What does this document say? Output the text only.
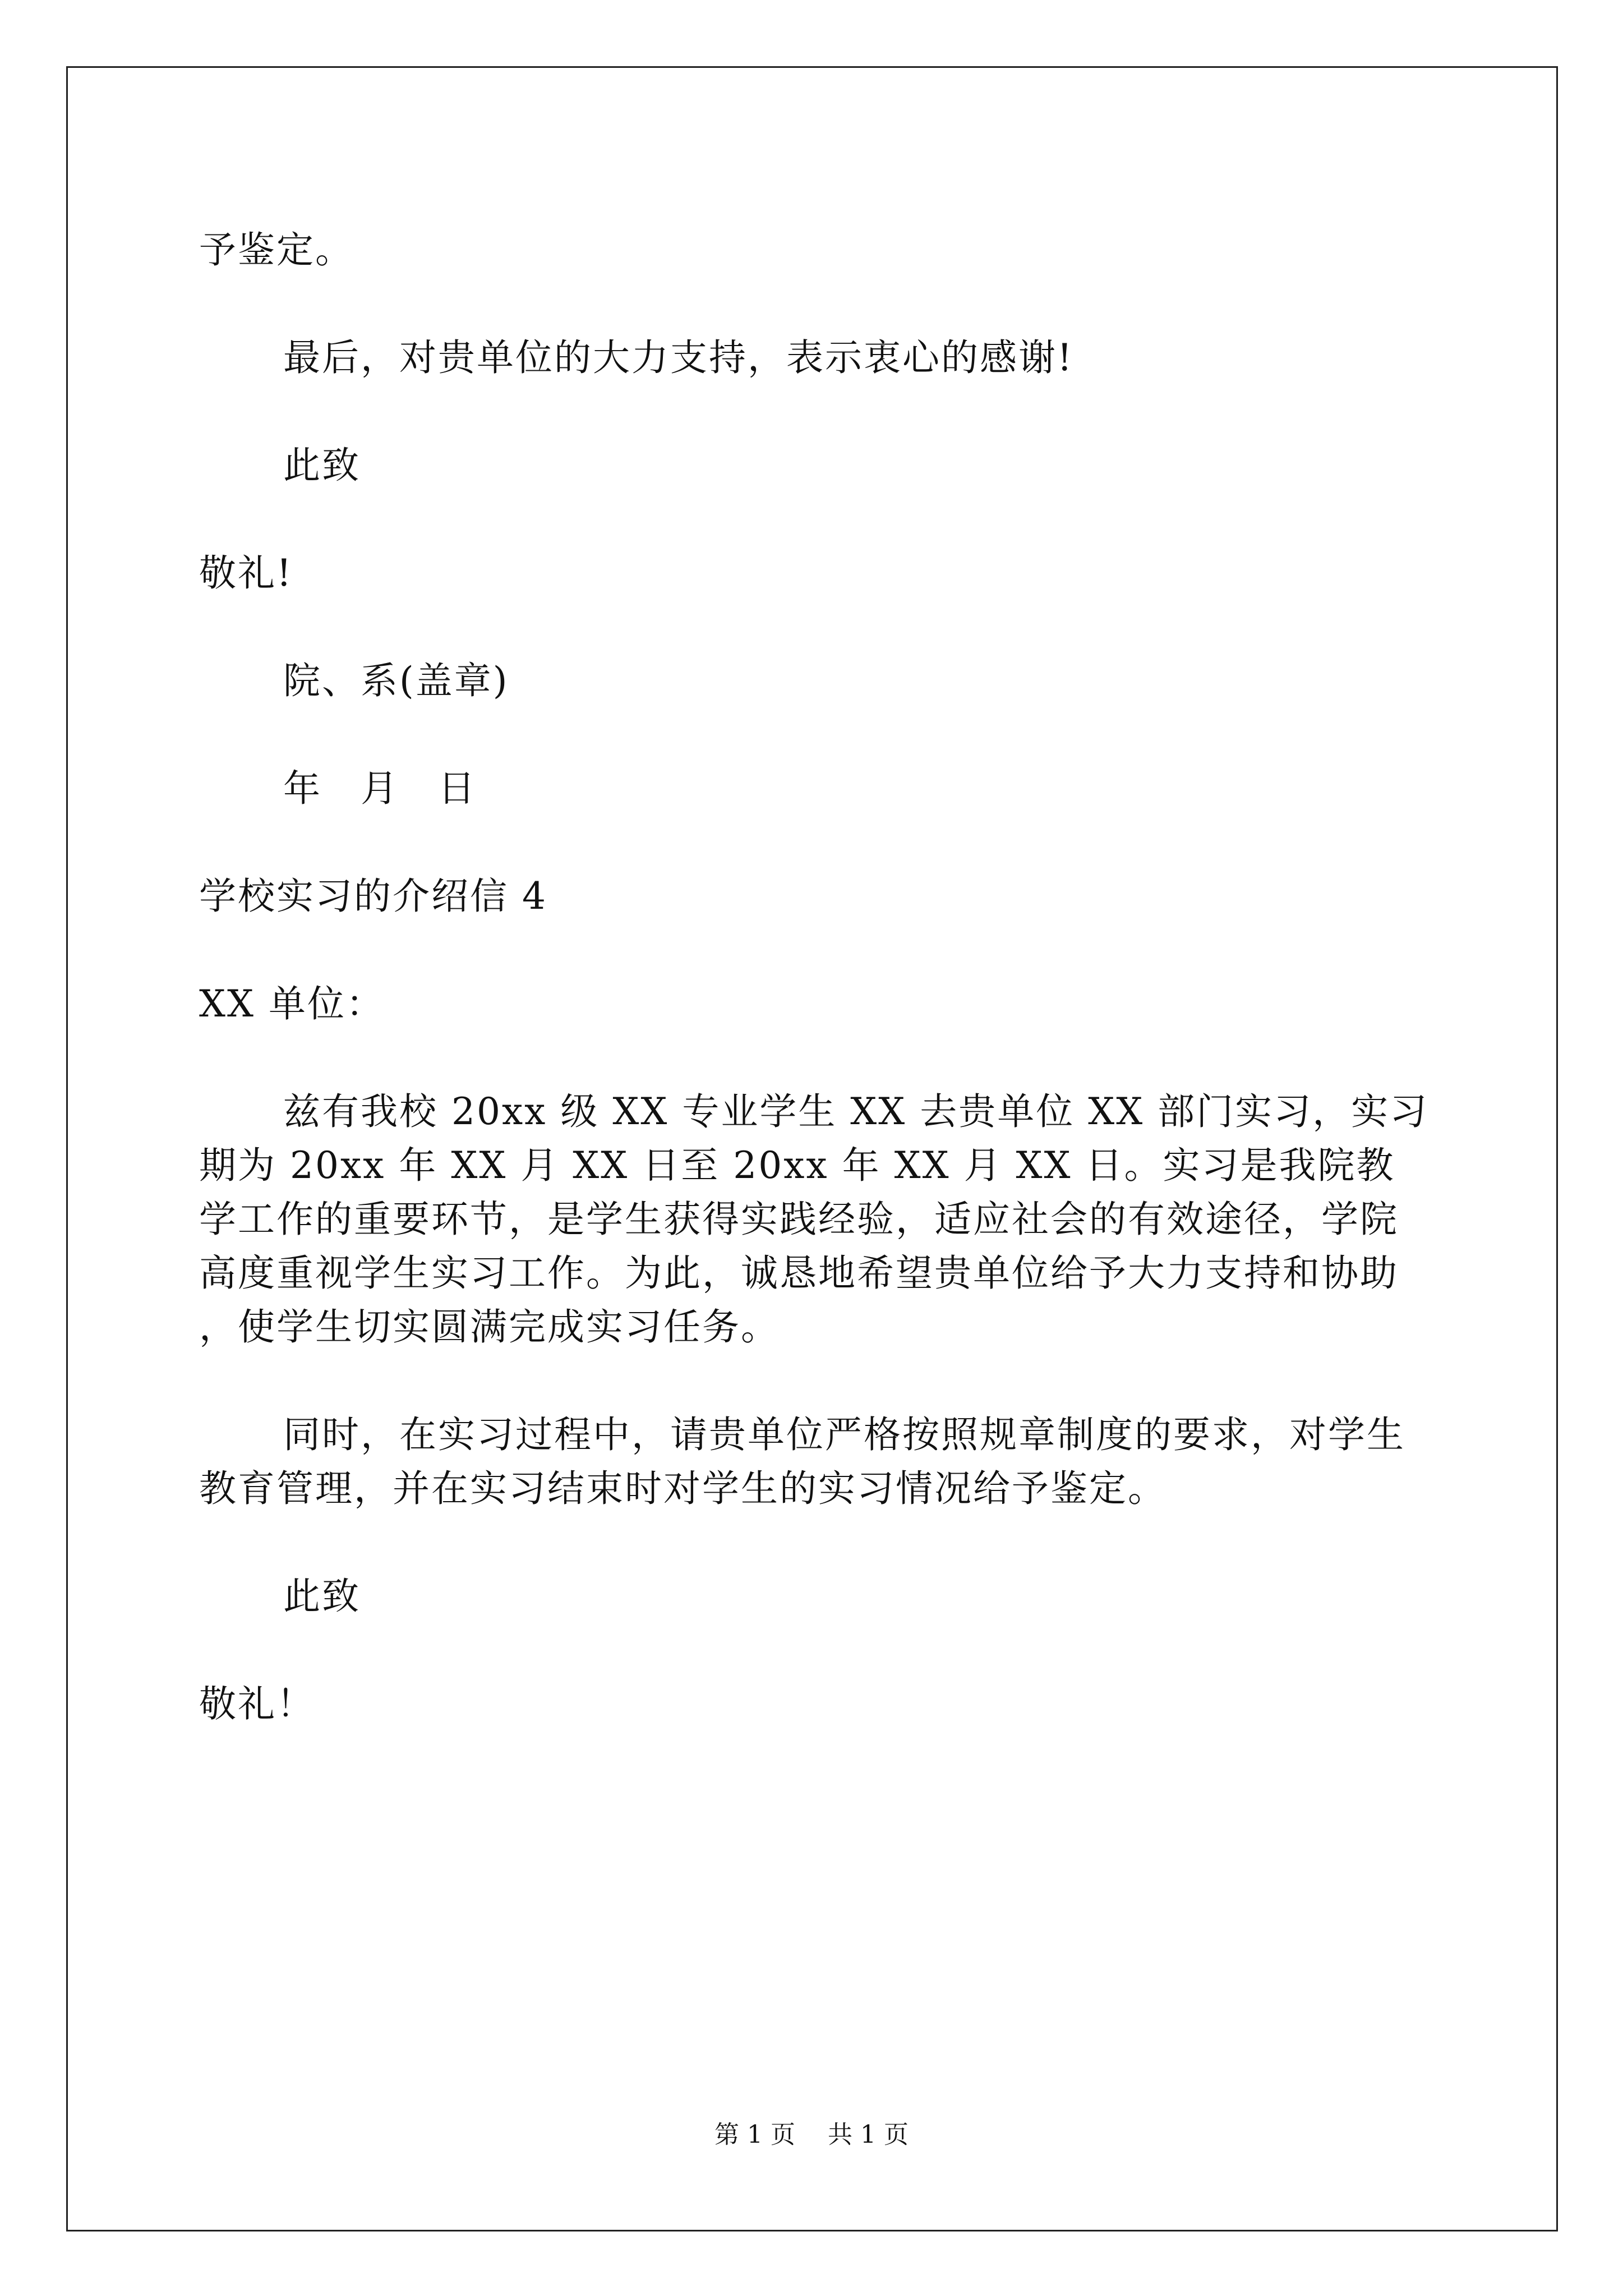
予鉴定。

最后，对贵单位的大力支持，表示衷心的感谢!

此致

敬礼!

院、系(盖章)

年　月　日

学校实习的介绍信 4

XX 单位：

兹有我校 20xx 级 XX 专业学生 XX 去贵单位 XX 部门实习，实习期为 20xx 年 XX 月 XX 日至 20xx 年 XX 月 XX 日。实习是我院教学工作的重要环节，是学生获得实践经验，适应社会的有效途径，学院高度重视学生实习工作。为此，诚恳地希望贵单位给予大力支持和协助，使学生切实圆满完成实习任务。

同时，在实习过程中，请贵单位严格按照规章制度的要求，对学生教育管理，并在实习结束时对学生的实习情况给予鉴定。

此致

敬礼！

第 1 页　 共 1 页
